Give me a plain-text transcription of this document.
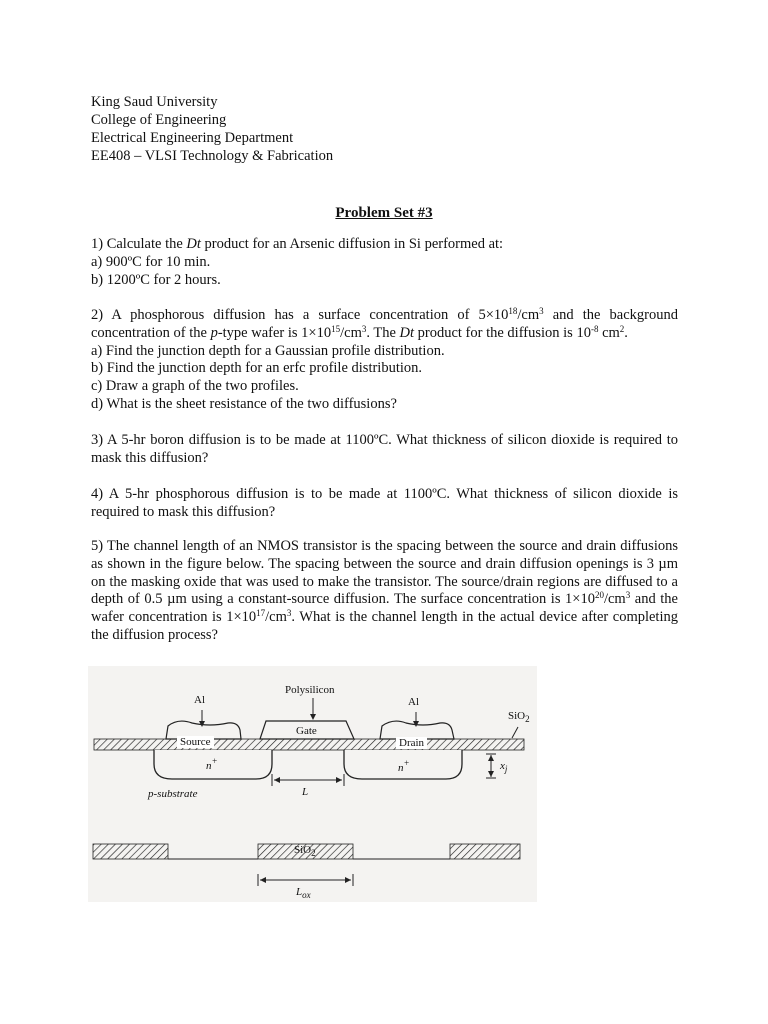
King Saud University
College of Engineering
Electrical Engineering Department
EE408 – VLSI Technology & Fabrication
Problem Set #3

1) Calculate the Dt product for an Arsenic diffusion in Si performed at:

a) 900ºC for 10 min.

b) 1200ºC for 2 hours.

2) A phosphorous diffusion has a surface concentration of $5\times 10^{18}/cm^3$ and the background concentration of the p-type wafer is $1\times 10^{15}/cm^3$. The Dt product for the diffusion is $10^{-8}$ $cm^2$.

a) Find the junction depth for a Gaussian profile distribution.

b) Find the junction depth for an erfc profile distribution.

c) Draw a graph of the two profiles.

d) What is the sheet resistance of the two diffusions?

3) A 5-hr boron diffusion is to be made at 1100ºC. What thickness of silicon dioxide is required to mask this diffusion?

4) A 5-hr phosphorous diffusion is to be made at 1100ºC. What thickness of silicon dioxide is required to mask this diffusion?

5) The channel length of an NMOS transistor is the spacing between the source and drain diffusions as shown in the figure below. The spacing between the source and drain diffusion openings is 3 µm on the masking oxide that was used to make the transistor. The source/drain regions are diffused to a depth of 0.5 µm using a constant-source diffusion. The surface concentration is $1\times 10^{20}/cm^3$ and the wafer concentration is $1\times 10^{17}/cm^3$. What is the channel length in the actual device after completing the diffusion process?

Al
Polysilicon
Al
SiO$_2$
Gate
Source	Drain
n+
n+	$x_j$
L
p-substrate
SiO$_2$
$L_{ox}$
